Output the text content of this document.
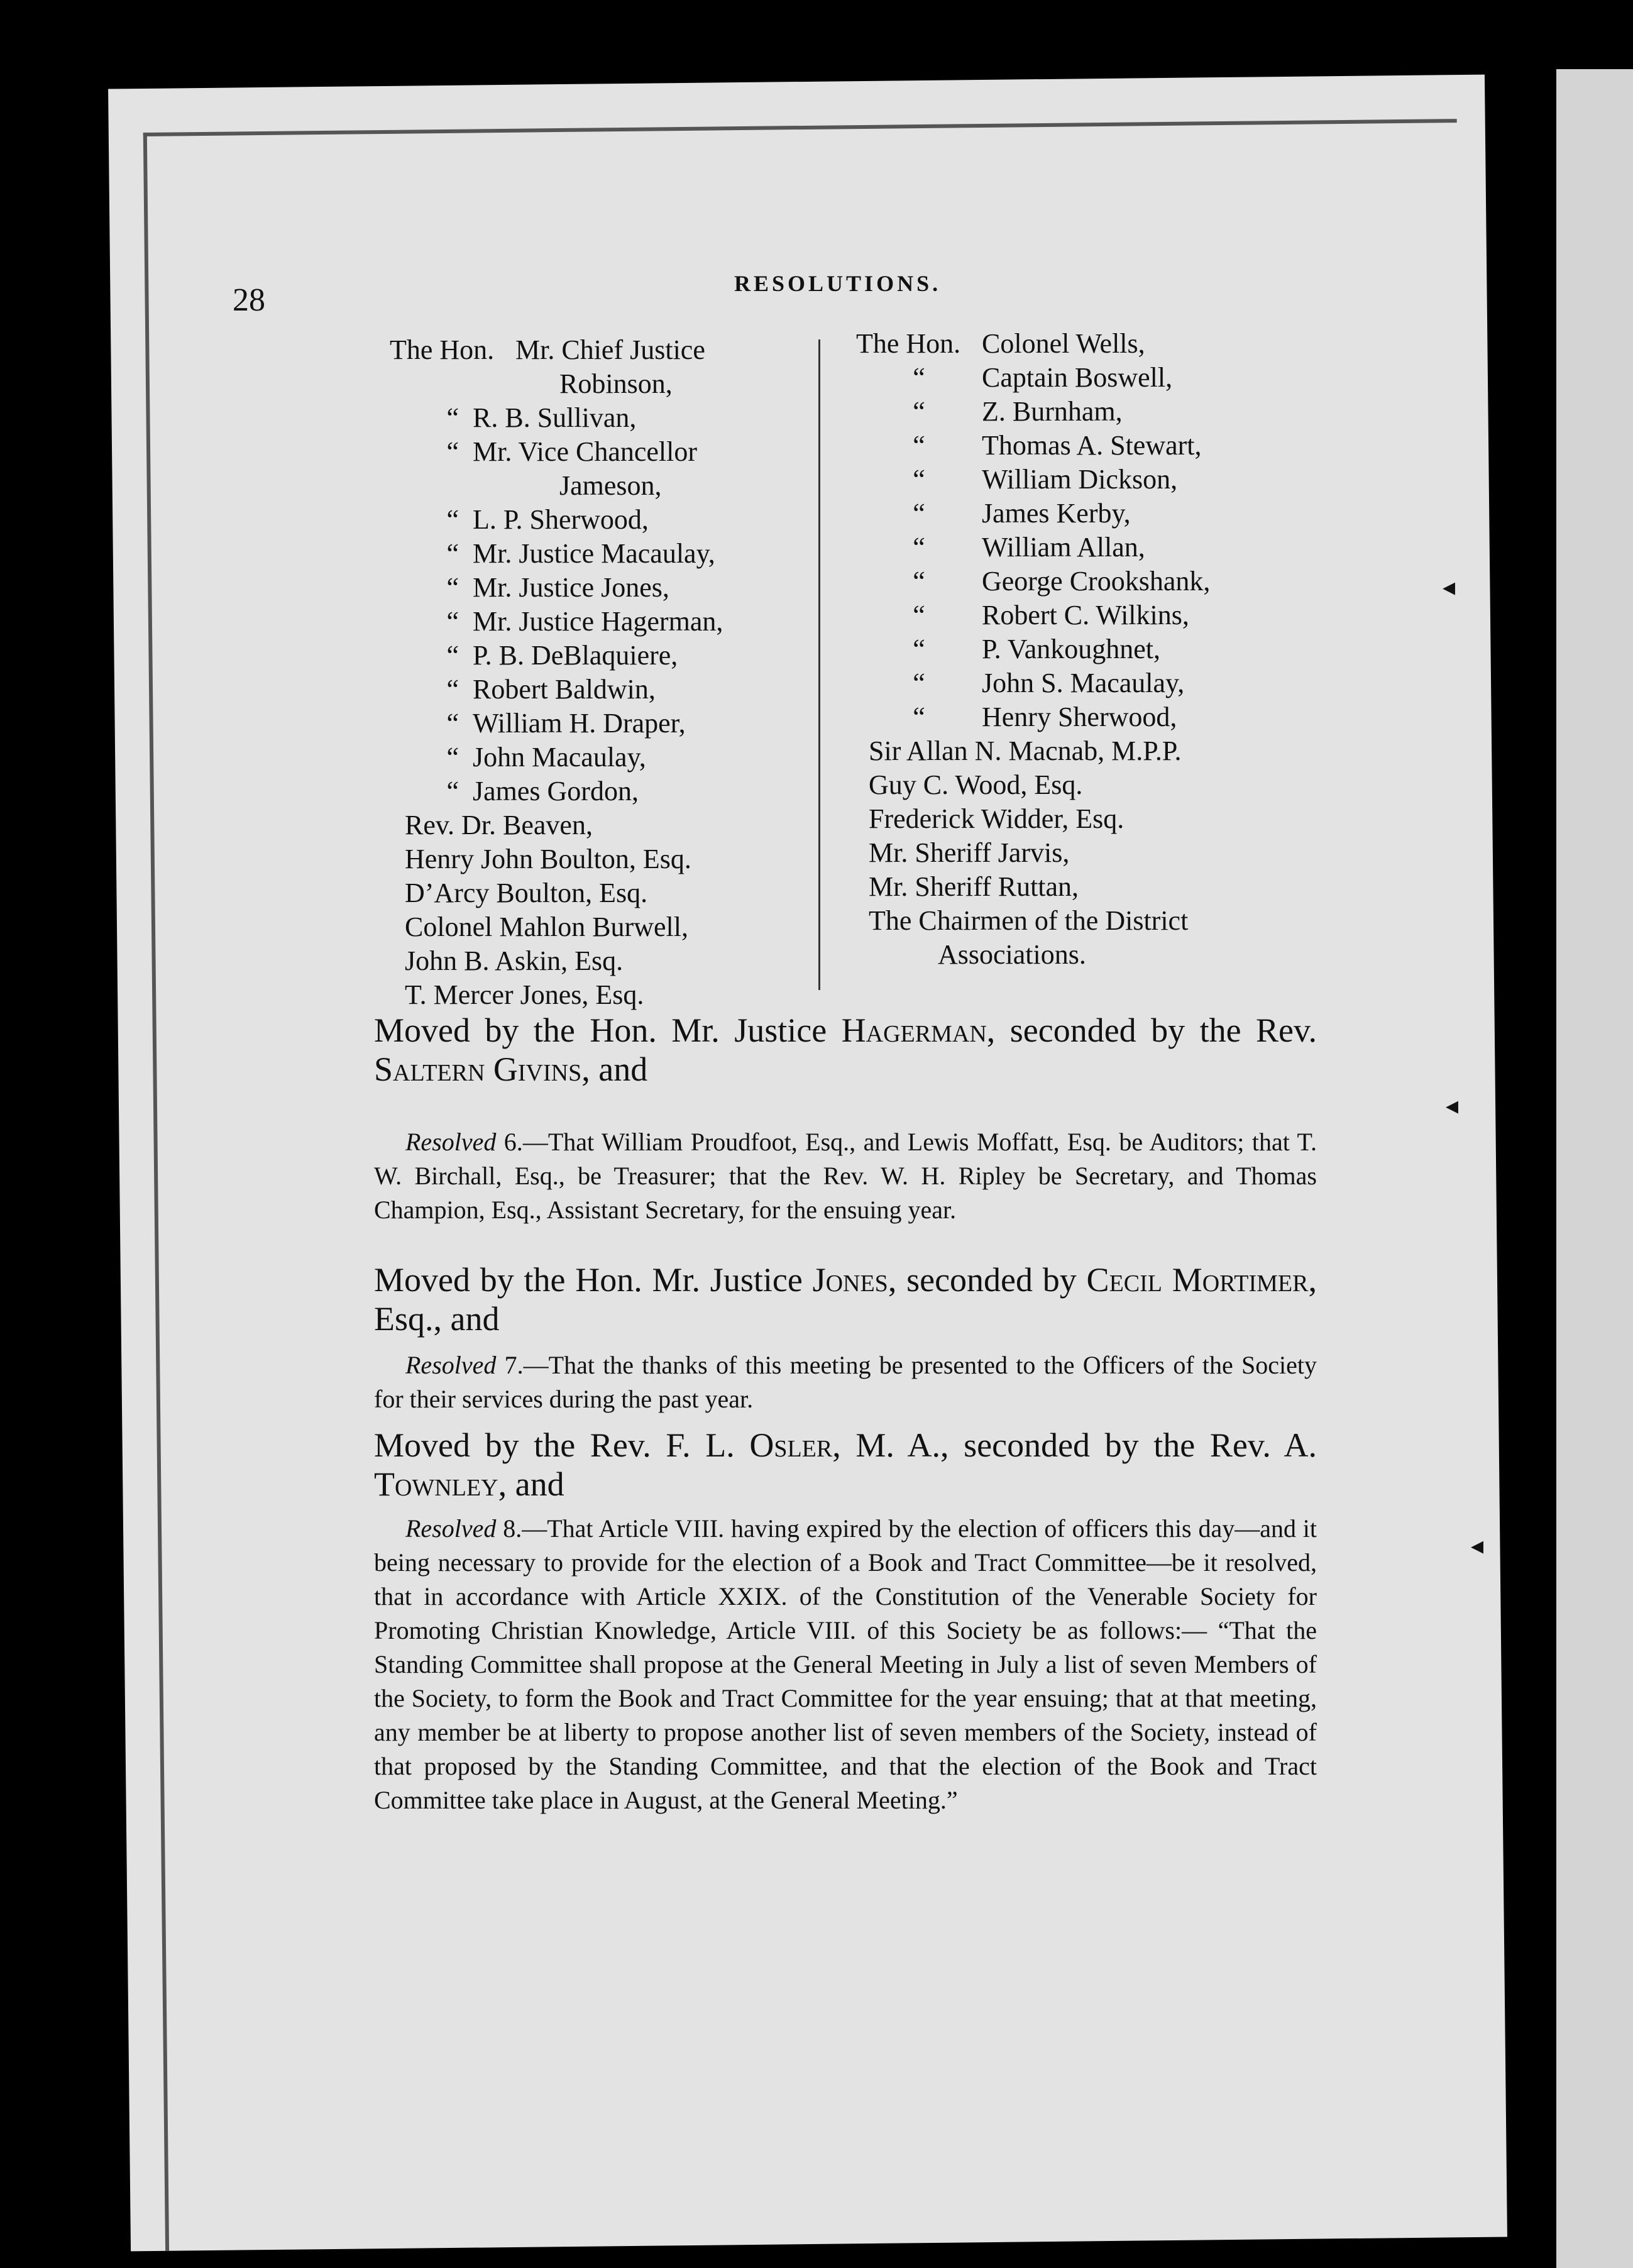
28	RESOLUTIONS.
The Hon. Mr. Chief Justice
Robinson,
“ R. B. Sullivan,
“ Mr. Vice Chancellor
Jameson,
“ L. P. Sherwood,
“ Mr. Justice Macaulay,
“ Mr. Justice Jones,
“ Mr. Justice Hagerman,
“ P. B. DeBlaquiere,
“ Robert Baldwin,
“ William H. Draper,
“ John Macaulay,
“ James Gordon,
Rev. Dr. Beaven,
Henry John Boulton, Esq.
D’Arcy Boulton, Esq.
Colonel Mahlon Burwell,
John B. Askin, Esq.
T. Mercer Jones, Esq.
The Hon. Colonel Wells,
“ Captain Boswell,
“ Z. Burnham,
“ Thomas A. Stewart,
“ William Dickson,
“ James Kerby,
“ William Allan,
“ George Crookshank,
“ Robert C. Wilkins,
“ P. Vankoughnet,
“ John S. Macaulay,
“ Henry Sherwood,
Sir Allan N. Macnab, M.P.P.
Guy C. Wood, Esq.
Frederick Widder, Esq.
Mr. Sheriff Jarvis,
Mr. Sheriff Ruttan,
The Chairmen of the District
Associations.
Moved by the Hon. Mr. Justice Hagerman, seconded by the Rev. Saltern Givins, and
Resolved 6.—That William Proudfoot, Esq., and Lewis Moffatt, Esq. be Auditors; that T. W. Birchall, Esq., be Treasurer; that the Rev. W. H. Ripley be Secretary, and Thomas Champion, Esq., Assistant Secretary, for the ensuing year.
Moved by the Hon. Mr. Justice Jones, seconded by Cecil Mortimer, Esq., and
Resolved 7.—That the thanks of this meeting be presented to the Officers of the Society for their services during the past year.
Moved by the Rev. F. L. Osler, M. A., seconded by the Rev. A. Townley, and
Resolved 8.—That Article VIII. having expired by the election of officers this day—and it being necessary to provide for the election of a Book and Tract Committee—be it resolved, that in accordance with Article XXIX. of the Constitution of the Venerable Society for Promoting Christian Knowledge, Article VIII. of this Society be as follows:— “That the Standing Committee shall propose at the General Meeting in July a list of seven Members of the Society, to form the Book and Tract Committee for the year ensuing; that at that meeting, any member be at liberty to propose another list of seven members of the Society, instead of that proposed by the Standing Committee, and that the election of the Book and Tract Committee take place in August, at the General Meeting.”
◂
◂
◂
